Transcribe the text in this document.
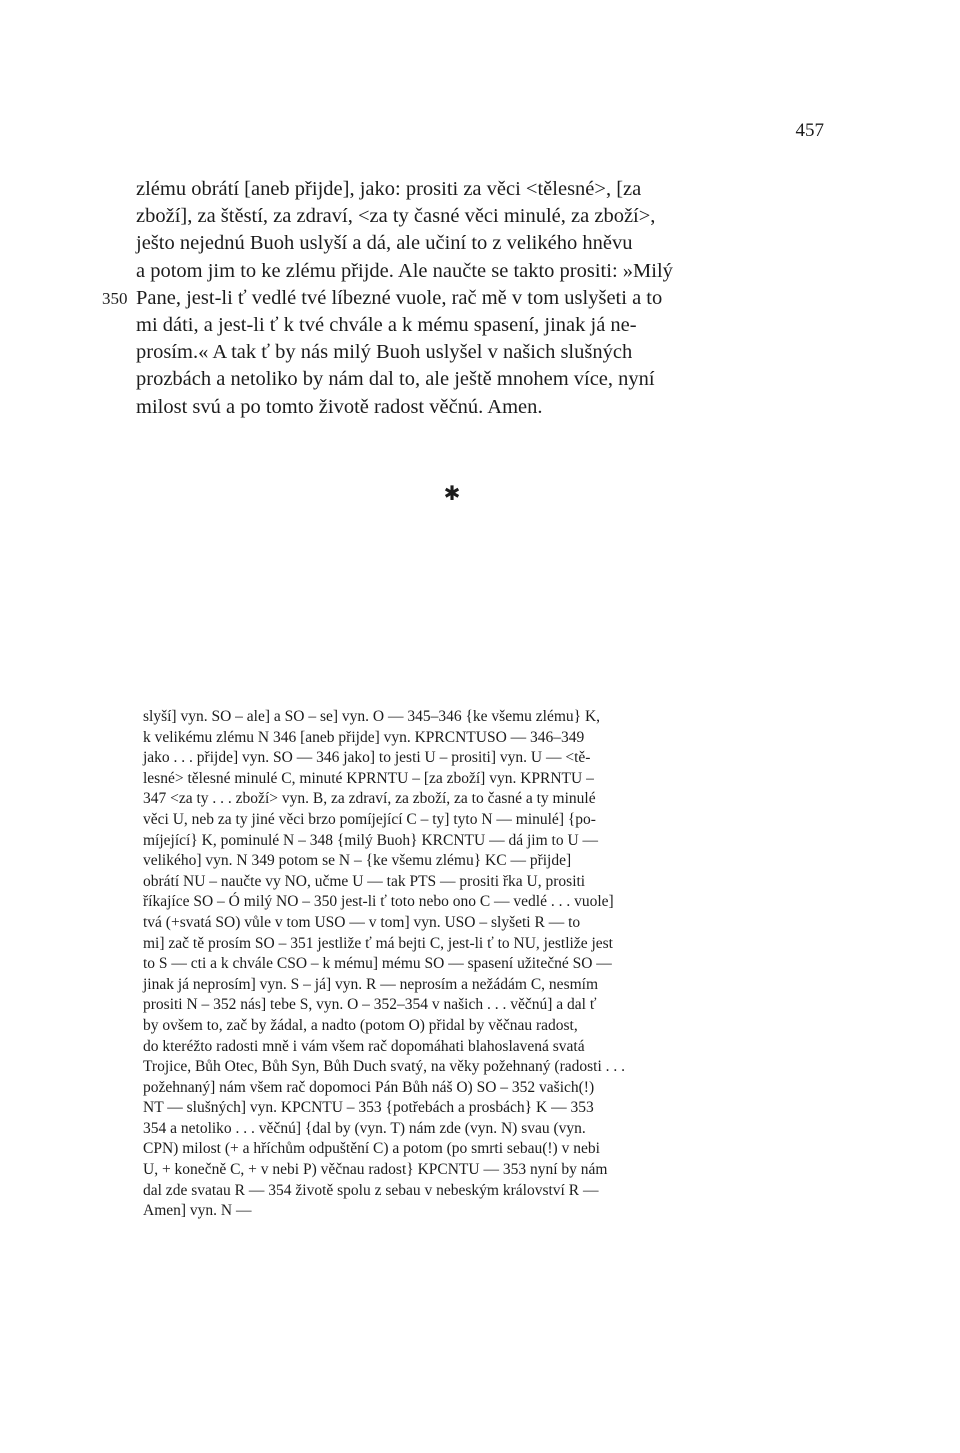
457
zlému obrátí [aneb přijde], jako: prositi za věci <tělesné>, [za
zboží], za štěstí, za zdraví, <za ty časné věci minulé, za zboží>,
ješto nejednú Buoh uslyší a dá, ale učiní to z velikého hněvu
a potom jim to ke zlému přijde. Ale naučte se takto prositi: »Milý
350 Pane, jest-li ť vedlé tvé líbezné vuole, rač mě v tom uslyšeti a to
mi dáti, a jest-li ť k tvé chvále a k mému spasení, jinak já ne-
prosím.« A tak ť by nás milý Buoh uslyšel v našich slušných
prozbách a netoliko by nám dal to, ale ještě mnohem více, nyní
milost svú a po tomto životě radost věčnú. Amen.
✱
slyší] vyn. SO – ale] a SO – se] vyn. O — 345–346 {ke všemu zlému} K,
k velikému zlému N 346 [aneb přijde] vyn. KPRCNTUSO — 346–349
jako . . . přijde] vyn. SO — 346 jako] to jesti U – prositi] vyn. U — <tě-
lesné> tělesné minulé C, minuté KPRNTU – [za zboží] vyn. KPRNTU –
347 <za ty . . . zboží> vyn. B, za zdraví, za zboží, za to časné a ty minulé
věci U, neb za ty jiné věci brzo pomíjející C – ty] tyto N — minulé] {po-
míjející} K, pominulé N – 348 {milý Buoh} KRCNTU — dá jim to U —
velikého] vyn. N 349 potom se N – {ke všemu zlému} KC — přijde]
obrátí NU – naučte vy NO, učme U — tak PTS — prositi řka U, prositi
říkajíce SO – Ó milý NO – 350 jest-li ť toto nebo ono C — vedlé . . . vuole]
tvá (+svatá SO) vůle v tom USO — v tom] vyn. USO – slyšeti R — to
mi] zač tě prosím SO – 351 jestliže ť má bejti C, jest-li ť to NU, jestliže jest
to S — cti a k chvále CSO – k mému] mému SO — spasení užitečné SO —
jinak já neprosím] vyn. S – já] vyn. R — neprosím a nežádám C, nesmím
prositi N – 352 nás] tebe S, vyn. O – 352–354 v našich . . . věčnú] a dal ť
by ovšem to, zač by žádal, a nadto (potom O) přidal by věčnau radost,
do kteréžto radosti mně i vám všem rač dopomáhati blahoslavená svatá
Trojice, Bůh Otec, Bůh Syn, Bůh Duch svatý, na věky požehnaný (radosti . . .
požehnaný] nám všem rač dopomoci Pán Bůh náš O) SO – 352 vašich(!)
NT — slušných] vyn. KPCNTU – 353 {potřebách a prosbách} K — 353
354 a netoliko . . . věčnú] {dal by (vyn. T) nám zde (vyn. N) svau (vyn.
CPN) milost (+ a hříchům odpuštění C) a potom (po smrti sebau(!) v nebi
U, + konečně C, + v nebi P) věčnau radost} KPCNTU — 353 nyní by nám
dal zde svatau R — 354 životě spolu z sebau v nebeským království R —
Amen] vyn. N —
